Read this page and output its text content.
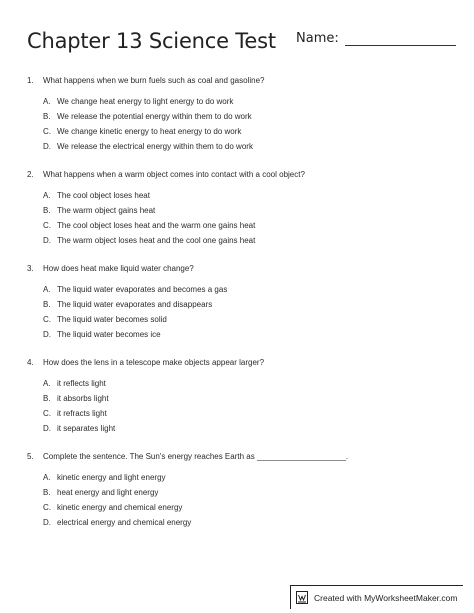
Chapter 13 Science Test Name:
1.	What happens when we burn fuels such as coal and gasoline?
A. We change heat energy to light energy to do work
B. We release the potential energy within them to do work
C. We change kinetic energy to heat energy to do work
D. We release the electrical energy within them to do work
2.	What happens when a warm object comes into contact with a cool object?
A. The cool object loses heat
B. The warm object gains heat
C. The cool object loses heat and the warm one gains heat
D. The warm object loses heat and the cool one gains heat
3.	How does heat make liquid water change?
A. The liquid water evaporates and becomes a gas
B. The liquid water evaporates and disappears
C. The liquid water becomes solid
D. The liquid water becomes ice
4.	How does the lens in a telescope make objects appear larger?
A. it reflects light
B. it absorbs light
C. it refracts light
D. it separates light
5.	Complete the sentence. The Sun's energy reaches Earth as ____________________.
A. kinetic energy and light energy
B. heat energy and light energy
C. kinetic energy and chemical energy
D. electrical energy and chemical energy
Created with MyWorksheetMaker.com
